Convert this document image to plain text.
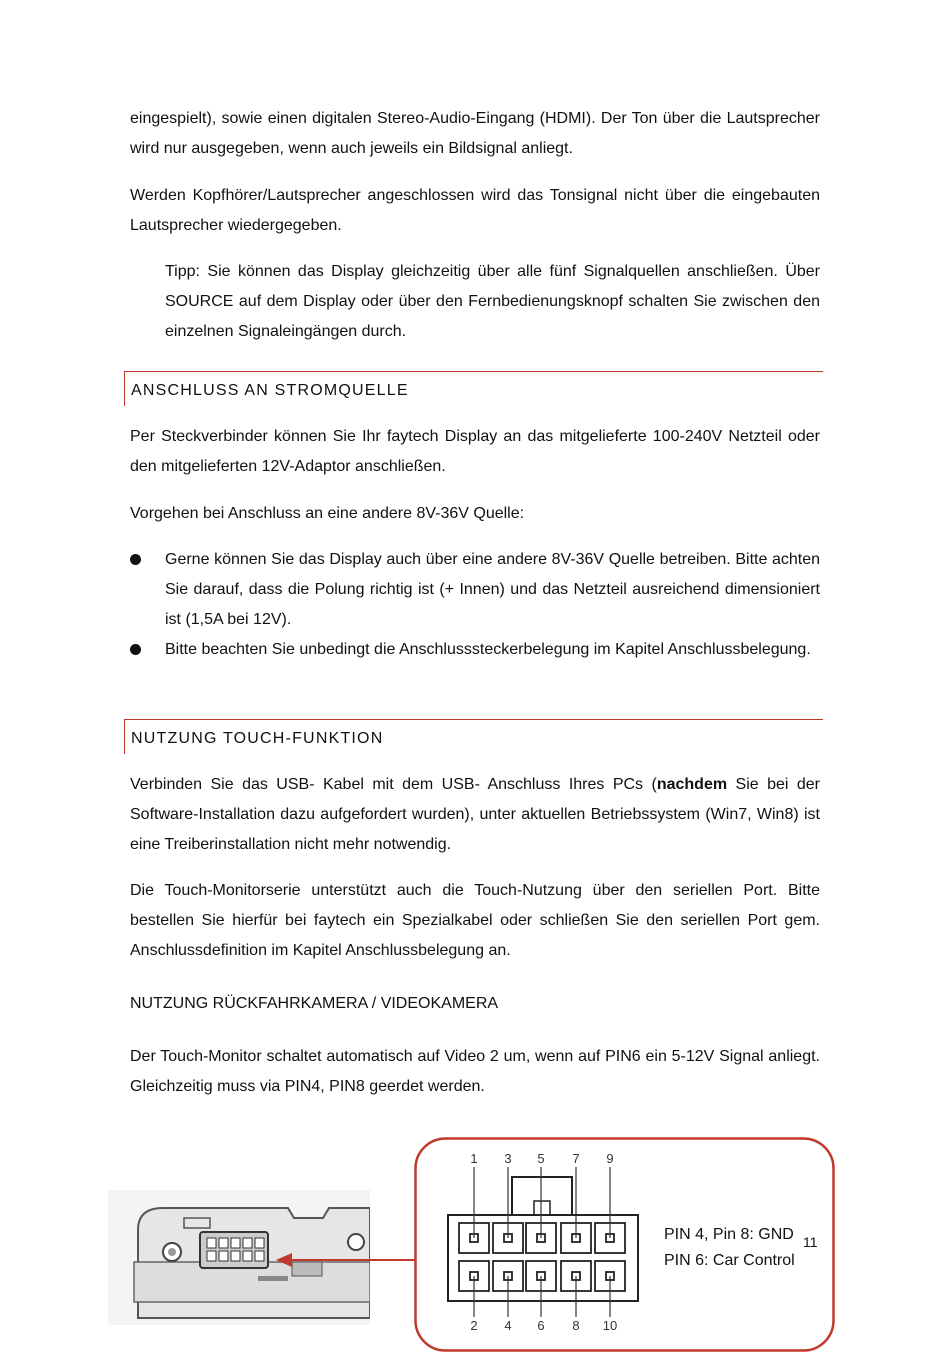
eingespielt), sowie einen digitalen Stereo-Audio-Eingang (HDMI). Der Ton über die Lautsprecher wird nur ausgegeben, wenn auch jeweils ein Bildsignal anliegt.

Werden Kopfhörer/Lautsprecher angeschlossen wird das Tonsignal nicht über die eingebauten Lautsprecher wiedergegeben.

Tipp: Sie können das Display gleichzeitig über alle fünf Signalquellen anschließen. Über SOURCE auf dem Display oder über den Fernbedienungsknopf schalten Sie zwischen den einzelnen Signaleingängen durch.

ANSCHLUSS AN STROMQUELLE

Per Steckverbinder können Sie Ihr faytech Display an das mitgelieferte 100-240V Netzteil oder den mitgelieferten 12V-Adaptor anschließen.

Vorgehen bei Anschluss an eine andere 8V-36V Quelle:

Gerne können Sie das Display auch über eine andere 8V-36V Quelle betreiben. Bitte achten Sie darauf, dass die Polung richtig ist (+ Innen) und das Netzteil ausreichend dimensioniert ist (1,5A bei 12V).
Bitte beachten Sie unbedingt die Anschlusssteckerbelegung im Kapitel Anschlussbelegung.
NUTZUNG TOUCH-FUNKTION

Verbinden Sie das USB- Kabel mit dem USB- Anschluss Ihres PCs (nachdem Sie bei der Software-Installation dazu aufgefordert wurden), unter aktuellen Betriebssystem (Win7, Win8) ist eine Treiberinstallation nicht mehr notwendig.

Die Touch-Monitorserie unterstützt auch die Touch-Nutzung über den seriellen Port. Bitte bestellen Sie hierfür bei faytech ein Spezialkabel oder schließen Sie den seriellen Port gem. Anschlussdefinition im Kapitel Anschlussbelegung an.

NUTZUNG RÜCKFAHRKAMERA / VIDEOKAMERA

Der Touch-Monitor schaltet automatisch auf Video 2 um, wenn auf PIN6 ein 5-12V Signal anliegt. Gleichzeitig muss via PIN4, PIN8 geerdet werden.

1 3 5 7 9
2 4 6 8 10
PIN 4, Pin 8: GND
PIN 6: Car Control
11
